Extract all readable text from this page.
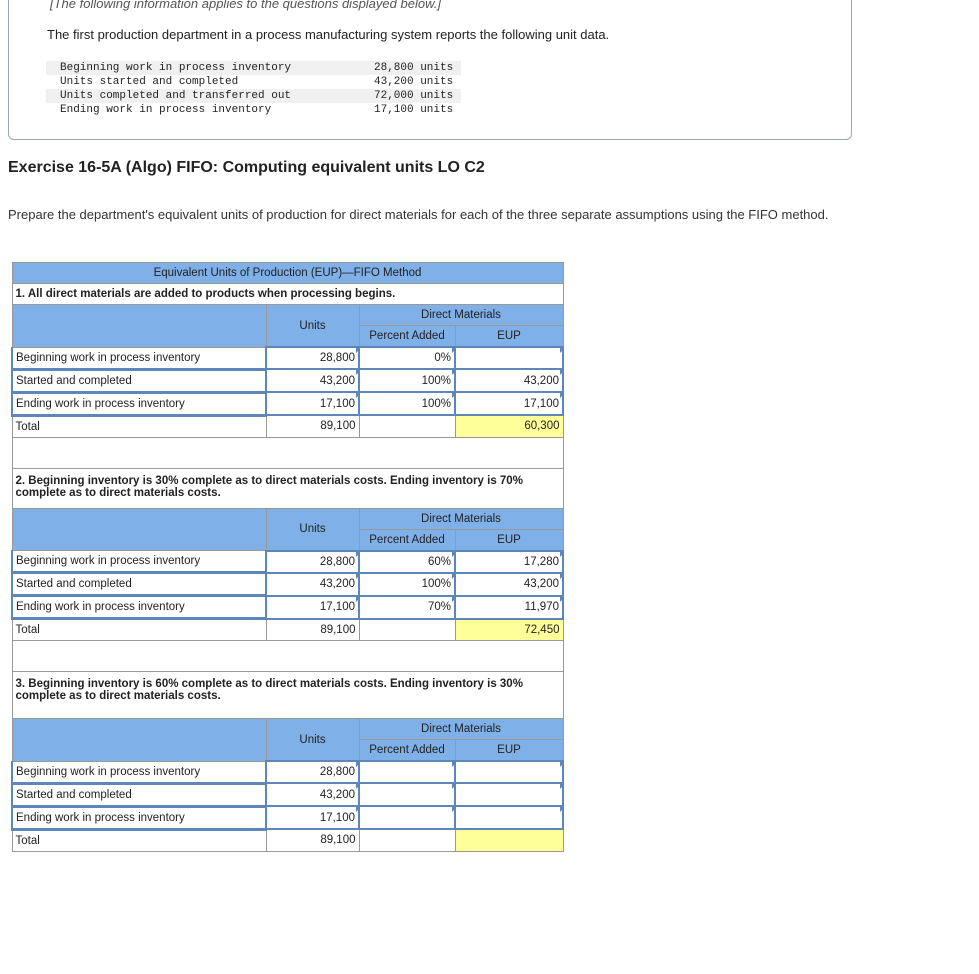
[The following information applies to the questions displayed below.]
The first production department in a process manufacturing system reports the following unit data.
Beginning work in process inventory	28,800 units
Units started and completed	43,200 units
Units completed and transferred out	72,000 units
Ending work in process inventory	17,100 units
Exercise 16-5A (Algo) FIFO: Computing equivalent units LO C2
Prepare the department's equivalent units of production for direct materials for each of the three separate assumptions using the FIFO method.
Equivalent Units of Production (EUP)—FIFO Method			
1. All direct materials are added to products when processing begins.			
	Units	Direct Materials	
		Percent Added	EUP
Beginning work in process inventory	28,800	0%	
Started and completed	43,200	100%	43,200
Ending work in process inventory	17,100	100%	17,100
Total	89,100		60,300

2. Beginning inventory is 30% complete as to direct materials costs. Ending inventory is 70% complete as to direct materials costs.			
	Units	Direct Materials	
		Percent Added	EUP
Beginning work in process inventory	28,800	60%	17,280
Started and completed	43,200	100%	43,200
Ending work in process inventory	17,100	70%	11,970
Total	89,100		72,450

3. Beginning inventory is 60% complete as to direct materials costs. Ending inventory is 30% complete as to direct materials costs.			
	Units	Direct Materials	
		Percent Added	EUP
Beginning work in process inventory	28,800		
Started and completed	43,200		
Ending work in process inventory	17,100		
Total	89,100		
